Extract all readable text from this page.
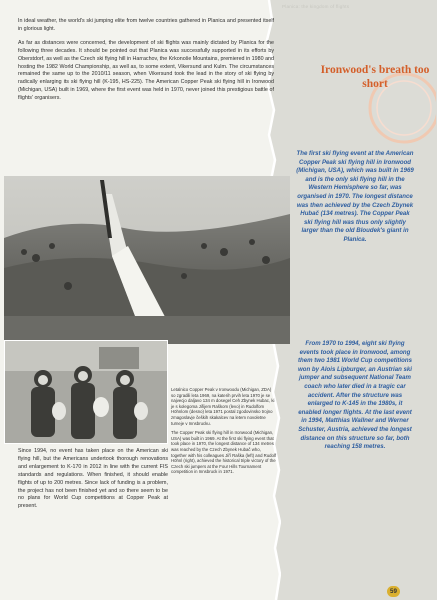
Planica: the kingdom of flights
Ironwood's breath too short
The first ski flying event at the American Copper Peak ski flying hill in Ironwood (Michigan, USA), which was built in 1969 and is the only ski flying hill in the Western Hemisphere so far, was organised in 1970. The longest distance was then achieved by the Czech Zbynek Hubač (134 metres). The Copper Peak ski flying hill was thus only slightly larger than the old Bloudek's giant in Planica.
From 1970 to 1994, eight ski flying events took place in Ironwood, among them two 1981 World Cup competitions won by Alois Lipburger, an Austrian ski jumper and subsequent National Team coach who later died in a tragic car accident. After the structure was enlarged to K-145 in the 1980s, it enabled longer flights. At the last event in 1994, Matthias Wallner and Werner Schuster, Austria, achieved the longest distance on this structure so far, both reaching 158 metres.

In ideal weather, the world's ski jumping elite from twelve countries gathered in Planica and presented itself in glorious light.

As far as distances were concerned, the development of ski flights was mainly dictated by Planica for the following three decades. It should be pointed out that Planica was successfully supported in its efforts by Oberstdorf, as well as the Czech ski flying hill in Harrachov, the Krkonoše Mountains, premiered in 1980 and hosting the 1982 World Championship, as well as, to some extent, Vikersund and Kulm. The circumstances remained the same up to the 2010/11 season, when Vikersund took the lead in the story of ski flying by radically enlarging its ski flying hill (K-195, HS-225). The American Copper Peak ski flying hill in Ironwood (Michigan, USA) built in 1969, where the first event was held in 1970, never joined this prestigious battle of flights' organisers.

Letalnico Copper Peak v Ironwoodu (Michigan, ZDA) so zgradili leta 1969, na katerih prvih leta 1970 je se najvecjo daljavo 134 m dosegel Ceh Zbynek Hubac, ki je s kolegoma Jiřijem Raškom (levo) in Rudolfom Höhnlom (desno) leta 1971 postal zgodovinsko trojno zmagoslavje čeških skakalcev na letem novoletne turneje v Innsbrucku.

The Copper Peak ski flying hill in Ironwood (Michigan, USA) was built in 1969. At the first ski flying event that took place in 1970, the longest distance of 134 metres was reached by the Czech Zbynek Hubač who, together with his colleagues Jiří Raška (left) and Rudolf Höhnl (right), achieved the historical triple victory of the Czech ski jumpers at the Four Hills Tournament competition in Innsbruck in 1971.

Since 1994, no event has taken place on the American ski flying hill, but the Americans undertook thorough renovations and enlargement to K-170 in 2012 in line with the current FIS standards and regulations. When finished, it should enable flights of up to 200 metres. Since lack of funding is a problem, the project has not been finished yet and so there seem to be no plans for World Cup competitions at Copper Peak at present.
59
